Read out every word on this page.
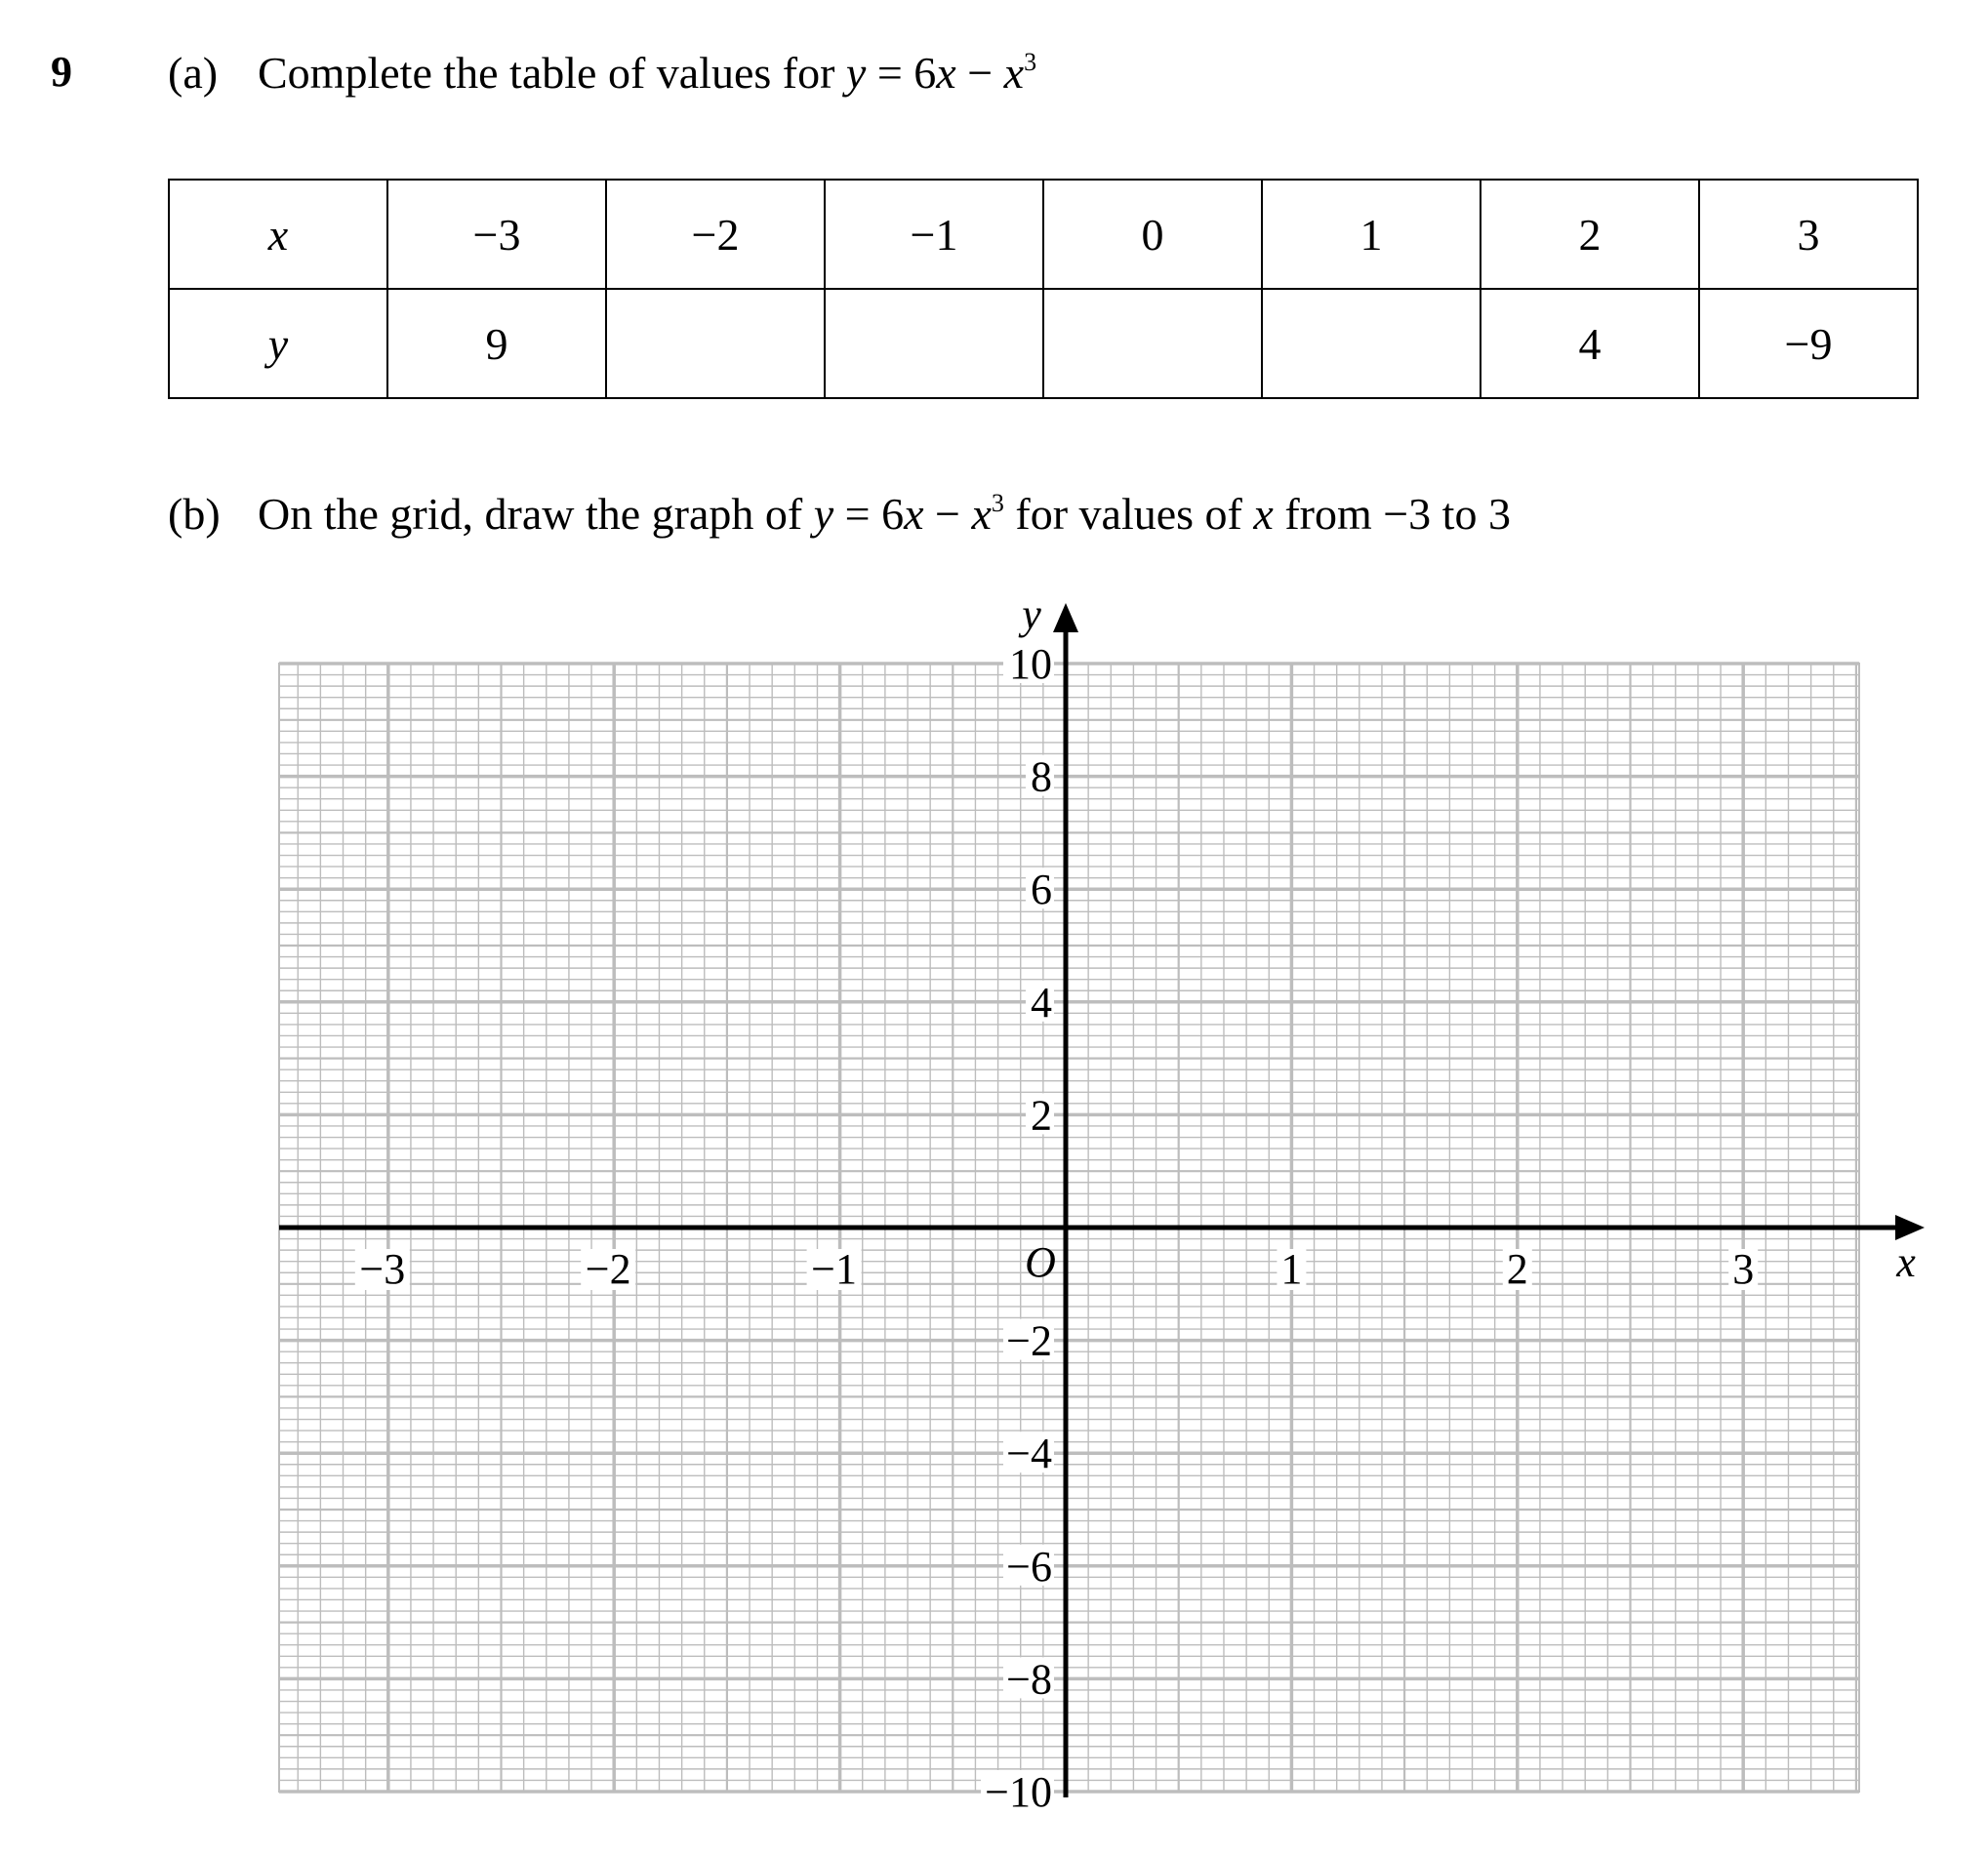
9 (a) Complete the table of values for $y = 6x - x^3$
x	−3	−2	−1	0	1	2	3
y	9					4	−9
(b) On the grid, draw the graph of $y = 6x - x^3$ for values of x from −3 to 3
−3	−2	−1	1	2	3
10
8
6
4
2
−2
−4
−6
−8
−10
O	x
y
